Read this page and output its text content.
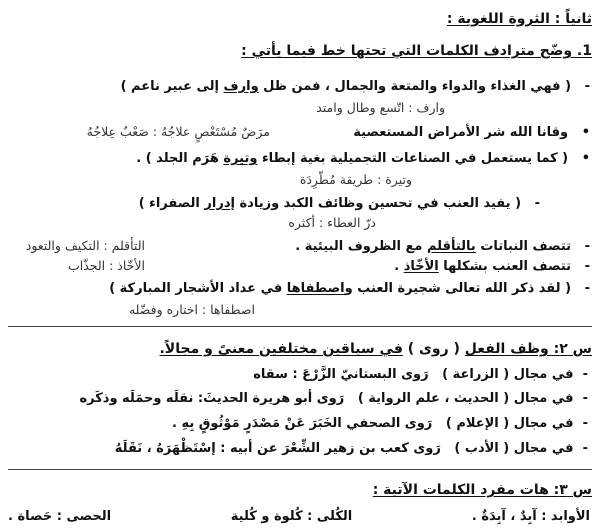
ثانياً : الثروة اللغوية :
1. وضّح مترادف الكلمات التي تحتها خط فيما يأتي :
-   ( فهي الغذاء والدواء والمتعة والجمال ، فمن ظل وارف إلى عبير ناعم )
وارف : اتّسع وطال وامتد
•   وقانا الله شر الأمراض المستعصية
مرَضٌ مُسْتَعْصٍ علاجُهُ : صَعْبٌ عِلاجُهُ
•   ( كما يستعمل في الصناعات التجميلية بغية إبطاء وتيرة هَرَم الجلد ) .
وتيرة : طريقة مُطّرِدَة
-   ( يفيد العنب في تحسين وظائف الكبد وزيادة إدرار الصفراء )
درّ العطاء : أكثره
-   تتصف النباتات بالتأقلم مع الظروف البيئية .
التأقلم : التكيف والتعود
-   تتصف العنب بشكلها الأخّاذ .
الأخّاذ : الجذّاب
-   ( لقد ذكر الله تعالى شجيرة العنب واصطفاها في عداد الأشجار المباركة )
اصطفاها : اختاره وفضّله
س ٢: وظف الفعل ( روى ) في سياقين مختلفين معنىً و مجالاً.
-  في مجال ( الزراعة )   رَوى البستانيّ الزَّرْعَ : سقاه
-  في مجال ( الحديث ، علم الرواية )   رَوى أبو هريرة الحديثَ: نقلَه وحمَلَه وذكَره
-  في مجال ( الإعلام )   رَوى الصحفي الخَبَرَ عَنْ مَصْدَرٍ مَوْثُوقٍ بِهِ .
-  في مجال ( الأدب )   رَوى كعب بن زهير الشِّعْرَ عن أبيه : إسْتَظْهَرَهُ ، نَقَلَهُ
س ٣: هات مفرد الكلمات الآتية :
الأوابد : آبِدٌ ، آبِدَةٌ .
الكُلى : كُلوة و كُلية
الحصى : حَصاة .
